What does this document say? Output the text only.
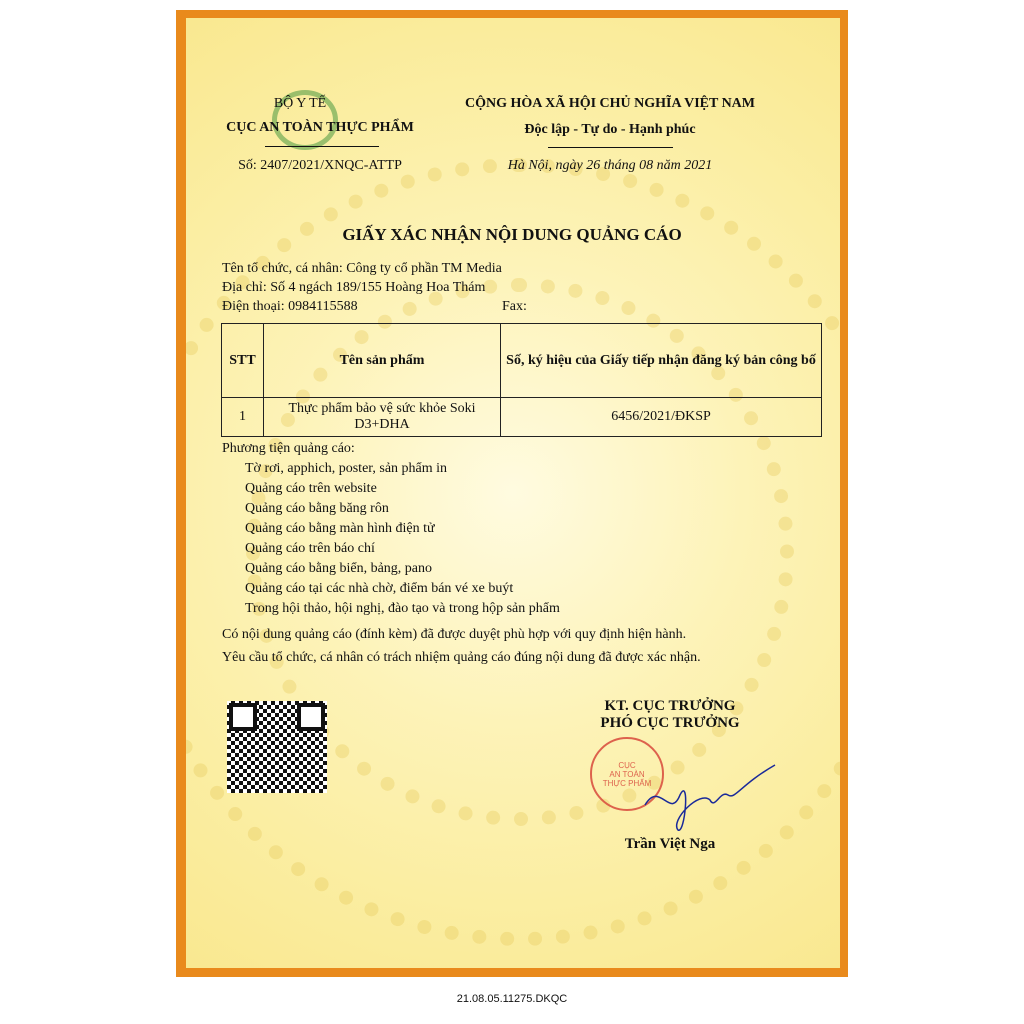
BỘ Y TẾ
CỤC AN TOÀN THỰC PHẨM
Số: 2407/2021/XNQC-ATTP
CỘNG HÒA XÃ HỘI CHỦ NGHĨA VIỆT NAM
Độc lập - Tự do - Hạnh phúc
Hà Nội, ngày 26 tháng 08 năm 2021
GIẤY XÁC NHẬN NỘI DUNG QUẢNG CÁO
Tên tổ chức, cá nhân: Công ty cổ phần TM Media
Địa chỉ: Số 4 ngách 189/155 Hoàng Hoa Thám
Điện thoại: 0984115588	Fax:
STT	Tên sản phẩm	Số, ký hiệu của Giấy tiếp nhận đăng ký bản công bố
1	Thực phẩm bảo vệ sức khỏe Soki D3+DHA	6456/2021/ĐKSP
Phương tiện quảng cáo:
Tờ rơi, apphich, poster, sản phẩm in
Quảng cáo trên website
Quảng cáo bằng băng rôn
Quảng cáo bằng màn hình điện tử
Quảng cáo trên báo chí
Quảng cáo bằng biển, bảng, pano
Quảng cáo tại các nhà chờ, điểm bán vé xe buýt
Trong hội thảo, hội nghị, đào tạo và trong hộp sản phẩm
Có nội dung quảng cáo (đính kèm) đã được duyệt phù hợp với quy định hiện hành.
Yêu cầu tổ chức, cá nhân có trách nhiệm quảng cáo đúng nội dung đã được xác nhận.
KT. CỤC TRƯỞNG
PHÓ CỤC TRƯỞNG
CỤC
AN TOÀN
THỰC PHẨM
Trần Việt Nga
21.08.05.11275.DKQC
